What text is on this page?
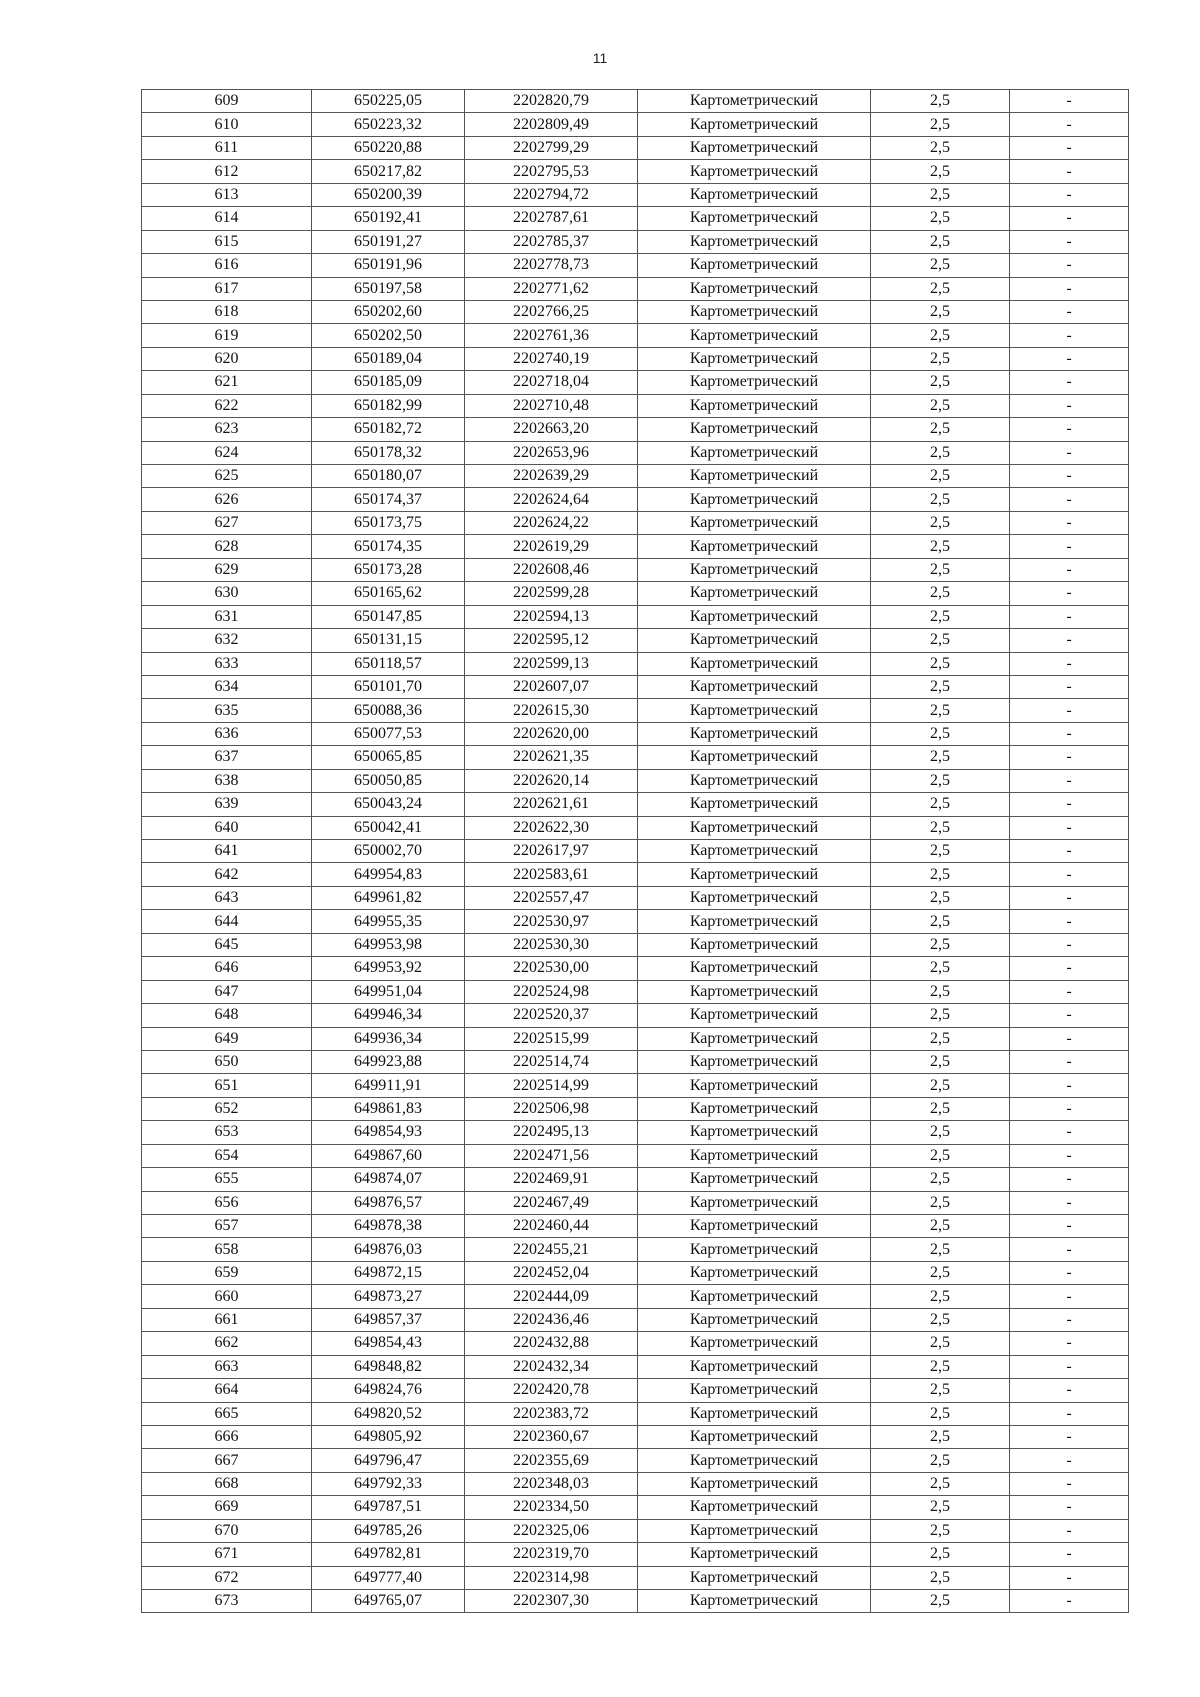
11
609	650225,05	2202820,79	Картометрический	2,5	-
610	650223,32	2202809,49	Картометрический	2,5	-
611	650220,88	2202799,29	Картометрический	2,5	-
612	650217,82	2202795,53	Картометрический	2,5	-
613	650200,39	2202794,72	Картометрический	2,5	-
614	650192,41	2202787,61	Картометрический	2,5	-
615	650191,27	2202785,37	Картометрический	2,5	-
616	650191,96	2202778,73	Картометрический	2,5	-
617	650197,58	2202771,62	Картометрический	2,5	-
618	650202,60	2202766,25	Картометрический	2,5	-
619	650202,50	2202761,36	Картометрический	2,5	-
620	650189,04	2202740,19	Картометрический	2,5	-
621	650185,09	2202718,04	Картометрический	2,5	-
622	650182,99	2202710,48	Картометрический	2,5	-
623	650182,72	2202663,20	Картометрический	2,5	-
624	650178,32	2202653,96	Картометрический	2,5	-
625	650180,07	2202639,29	Картометрический	2,5	-
626	650174,37	2202624,64	Картометрический	2,5	-
627	650173,75	2202624,22	Картометрический	2,5	-
628	650174,35	2202619,29	Картометрический	2,5	-
629	650173,28	2202608,46	Картометрический	2,5	-
630	650165,62	2202599,28	Картометрический	2,5	-
631	650147,85	2202594,13	Картометрический	2,5	-
632	650131,15	2202595,12	Картометрический	2,5	-
633	650118,57	2202599,13	Картометрический	2,5	-
634	650101,70	2202607,07	Картометрический	2,5	-
635	650088,36	2202615,30	Картометрический	2,5	-
636	650077,53	2202620,00	Картометрический	2,5	-
637	650065,85	2202621,35	Картометрический	2,5	-
638	650050,85	2202620,14	Картометрический	2,5	-
639	650043,24	2202621,61	Картометрический	2,5	-
640	650042,41	2202622,30	Картометрический	2,5	-
641	650002,70	2202617,97	Картометрический	2,5	-
642	649954,83	2202583,61	Картометрический	2,5	-
643	649961,82	2202557,47	Картометрический	2,5	-
644	649955,35	2202530,97	Картометрический	2,5	-
645	649953,98	2202530,30	Картометрический	2,5	-
646	649953,92	2202530,00	Картометрический	2,5	-
647	649951,04	2202524,98	Картометрический	2,5	-
648	649946,34	2202520,37	Картометрический	2,5	-
649	649936,34	2202515,99	Картометрический	2,5	-
650	649923,88	2202514,74	Картометрический	2,5	-
651	649911,91	2202514,99	Картометрический	2,5	-
652	649861,83	2202506,98	Картометрический	2,5	-
653	649854,93	2202495,13	Картометрический	2,5	-
654	649867,60	2202471,56	Картометрический	2,5	-
655	649874,07	2202469,91	Картометрический	2,5	-
656	649876,57	2202467,49	Картометрический	2,5	-
657	649878,38	2202460,44	Картометрический	2,5	-
658	649876,03	2202455,21	Картометрический	2,5	-
659	649872,15	2202452,04	Картометрический	2,5	-
660	649873,27	2202444,09	Картометрический	2,5	-
661	649857,37	2202436,46	Картометрический	2,5	-
662	649854,43	2202432,88	Картометрический	2,5	-
663	649848,82	2202432,34	Картометрический	2,5	-
664	649824,76	2202420,78	Картометрический	2,5	-
665	649820,52	2202383,72	Картометрический	2,5	-
666	649805,92	2202360,67	Картометрический	2,5	-
667	649796,47	2202355,69	Картометрический	2,5	-
668	649792,33	2202348,03	Картометрический	2,5	-
669	649787,51	2202334,50	Картометрический	2,5	-
670	649785,26	2202325,06	Картометрический	2,5	-
671	649782,81	2202319,70	Картометрический	2,5	-
672	649777,40	2202314,98	Картометрический	2,5	-
673	649765,07	2202307,30	Картометрический	2,5	-
